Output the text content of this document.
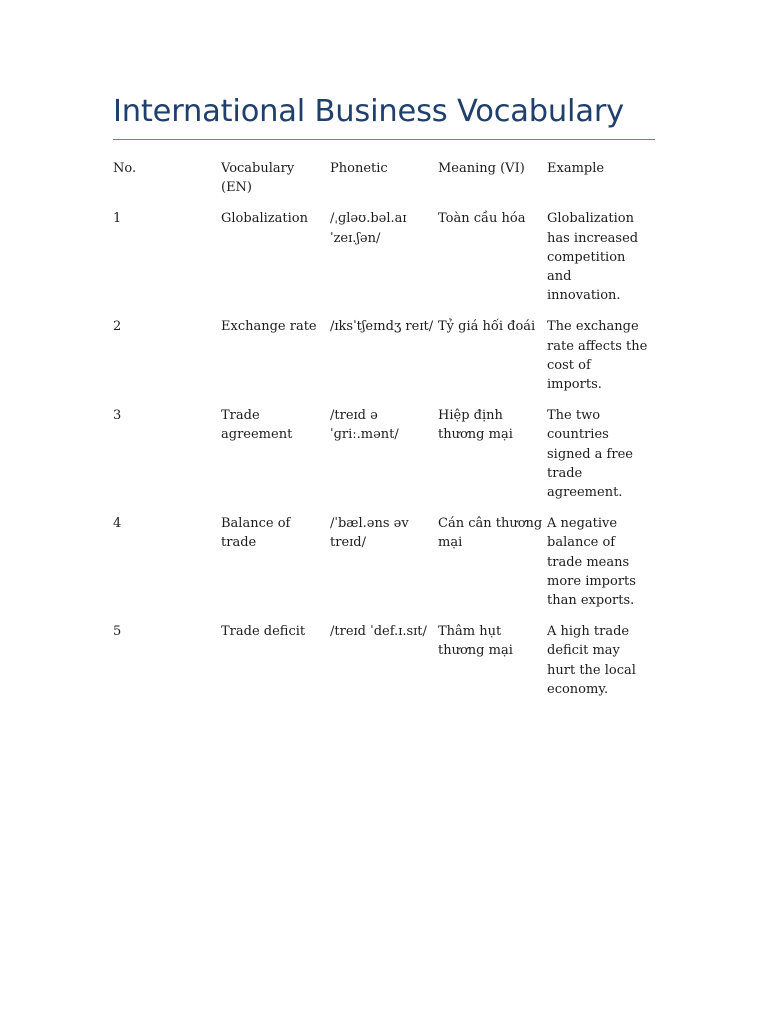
International Business Vocabulary
No.	Vocabulary (EN)	Phonetic	Meaning (VI)	Example
1	Globalization	/ˌɡləʊ.bəl.aɪˈzeɪ.ʃən/	Toàn cầu hóa	Globalization has increased competition and innovation.
2	Exchange rate	/ɪksˈtʃeɪndʒ reɪt/	Tỷ giá hối đoái	The exchange rate affects the cost of imports.
3	Trade agreement	/treɪd əˈɡriː.mənt/	Hiệp định thương mại	The two countries signed a free trade agreement.
4	Balance of trade	/ˈbæl.əns əv treɪd/	Cán cân thương mại	A negative balance of trade means more imports than exports.
5	Trade deficit	/treɪd ˈdef.ɪ.sɪt/	Thâm hụt thương mại	A high trade deficit may hurt the local economy.
